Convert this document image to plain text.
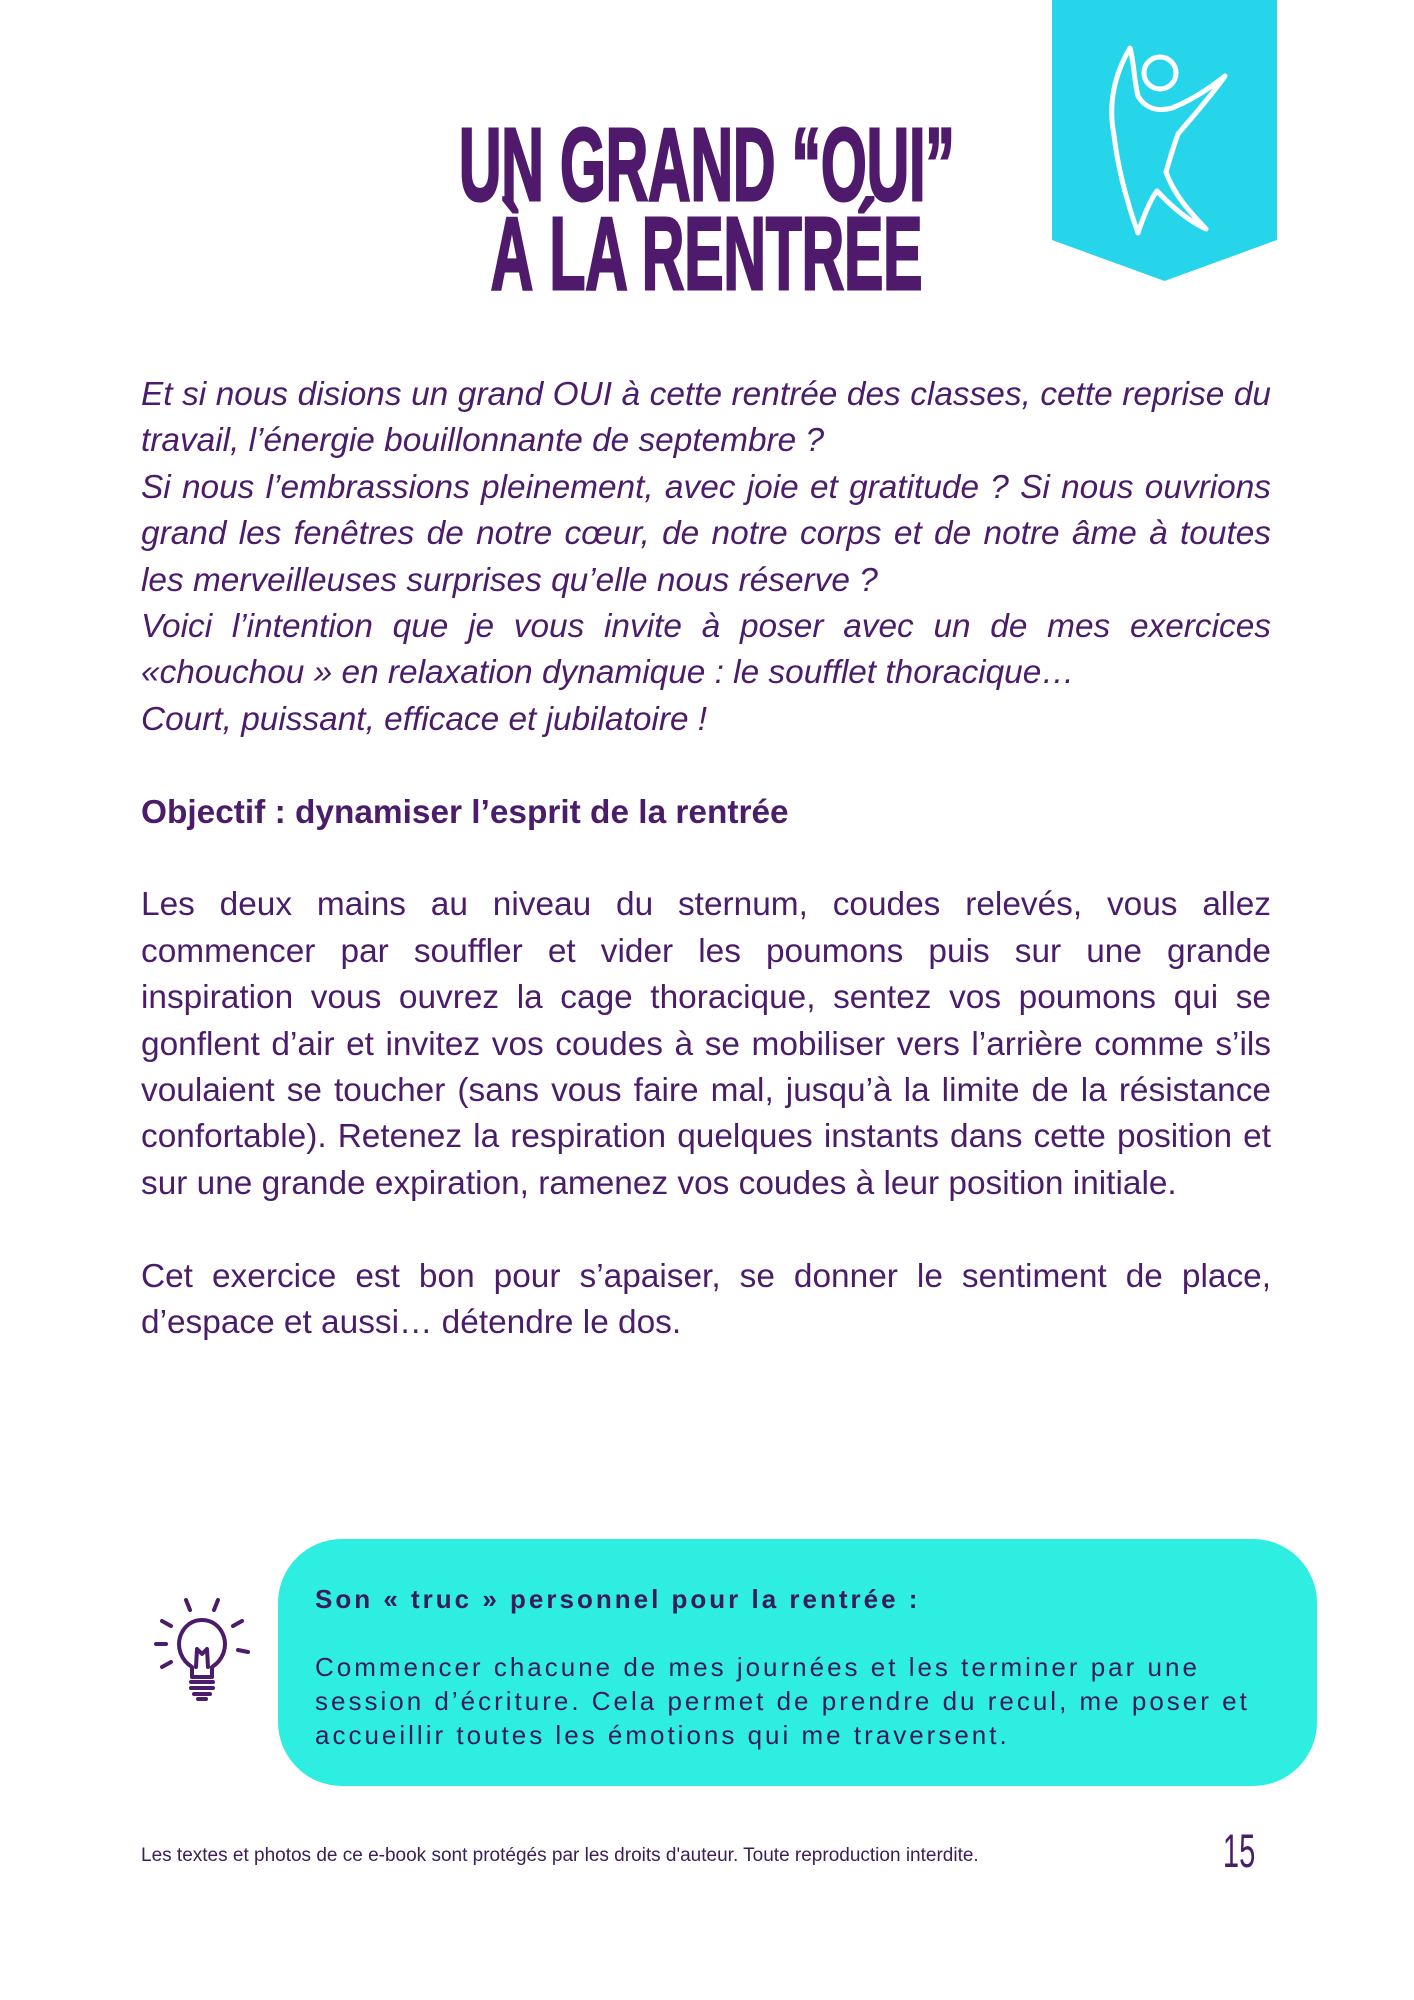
UN GRAND “OUI”
À LA RENTRÉE

Et si nous disions un grand OUI à cette rentrée des classes, cette reprise du travail, l’énergie bouillonnante de septembre ?

Si nous l’embrassions pleinement, avec joie et gratitude ? Si nous ouvrions grand les fenêtres de notre cœur, de notre corps et de notre âme à toutes les merveilleuses surprises qu’elle nous réserve ?

Voici l’intention que je vous invite à poser avec un de mes exercices «chouchou » en relaxation dynamique : le soufflet thoracique…

Court, puissant, efficace et jubilatoire !

Objectif : dynamiser l’esprit de la rentrée

Les deux mains au niveau du sternum, coudes relevés, vous allez commencer par souffler et vider les poumons puis sur une grande inspiration vous ouvrez la cage thoracique, sentez vos poumons qui se gonflent d’air et invitez vos coudes à se mobiliser vers l’arrière comme s’ils voulaient se toucher (sans vous faire mal, jusqu’à la limite de la résistance confortable). Retenez la respiration quelques instants dans cette position et sur une grande expiration, ramenez vos coudes à leur position initiale.

Cet exercice est bon pour s’apaiser, se donner le sentiment de place, d’espace et aussi… détendre le dos.

Son « truc » personnel pour la rentrée :

Commencer chacune de mes journées et les terminer par une session d’écriture. Cela permet de prendre du recul, me poser et accueillir toutes les émotions qui me traversent.

Les textes et photos de ce e-book sont protégés par les droits d'auteur. Toute reproduction interdite.	15
